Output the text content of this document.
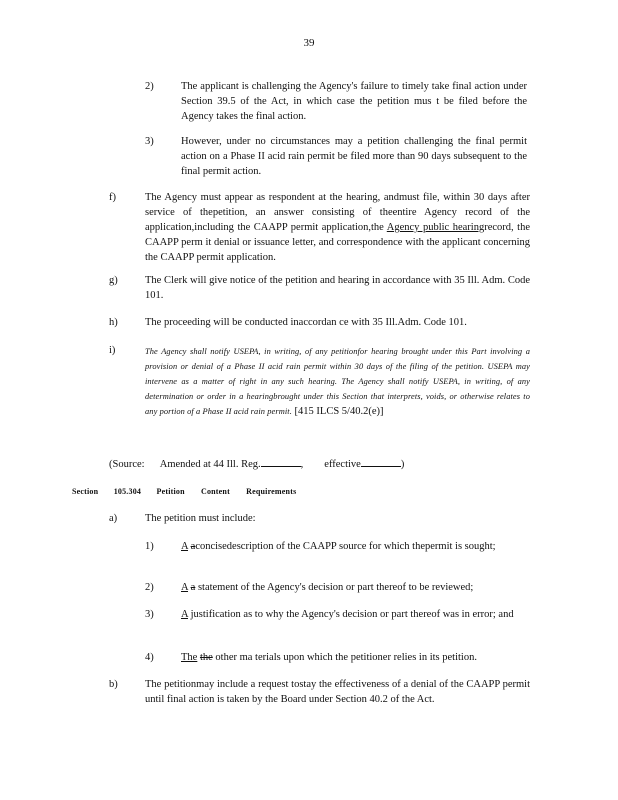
39
2)	The applicant is challenging the Agency's failure to timely take final action under Section 39.5 of the Act, in which case the petition mus t be filed before the Agency takes the final action.
3)	However, under no circumstances may a petition challenging the final permit action on a Phase II acid rain permit be filed more than 90 days subsequent to the final permit action.
f)	The Agency must appear as respondent at the hearing, andmust file, within 30 days after service of thepetition, an answer consisting of theentire Agency record of the application,including the CAAPP permit application,the Agency public hearingrecord, the CAAPP perm it denial or issuance letter, and correspondence with the applicant concerning the CAAPP permit application.
g)	The Clerk will give notice of the petition and hearing in accordance with 35 Ill. Adm. Code 101.
h)	The proceeding will be conducted inaccordan ce with 35 Ill.Adm. Code 101.
i)	The Agency shall notify USEPA, in writing, of any petitionfor hearing brought under this Part involving a provision or denial of a Phase II acid rain permit within 30 days of the filing of the petition. USEPA may intervene as a matter of right in any such hearing. The Agency shall notify USEPA, in writing, of any determination or order in a hearingbrought under this Section that interprets, voids, or otherwise relates to any portion of a Phase II acid rain permit. [415 ILCS 5/40.2(e)]
(Source: Amended at 44 Ill. Reg.	,        effective	)
Section 105.304 Petition Content Requirements
a)	The petition must include:
1)	A aconcisedescription of the CAAPP source for which thepermit is sought;
2)	A a statement of the Agency's decision or part thereof to be reviewed;
3)	A justification as to why the Agency's decision or part thereof was in error; and
4)	The the other ma terials upon which the petitioner relies in its petition.
b)	The petitionmay include a request tostay the effectiveness of a denial of the CAAPP permit until final action is taken by the Board under Section 40.2 of the Act.
